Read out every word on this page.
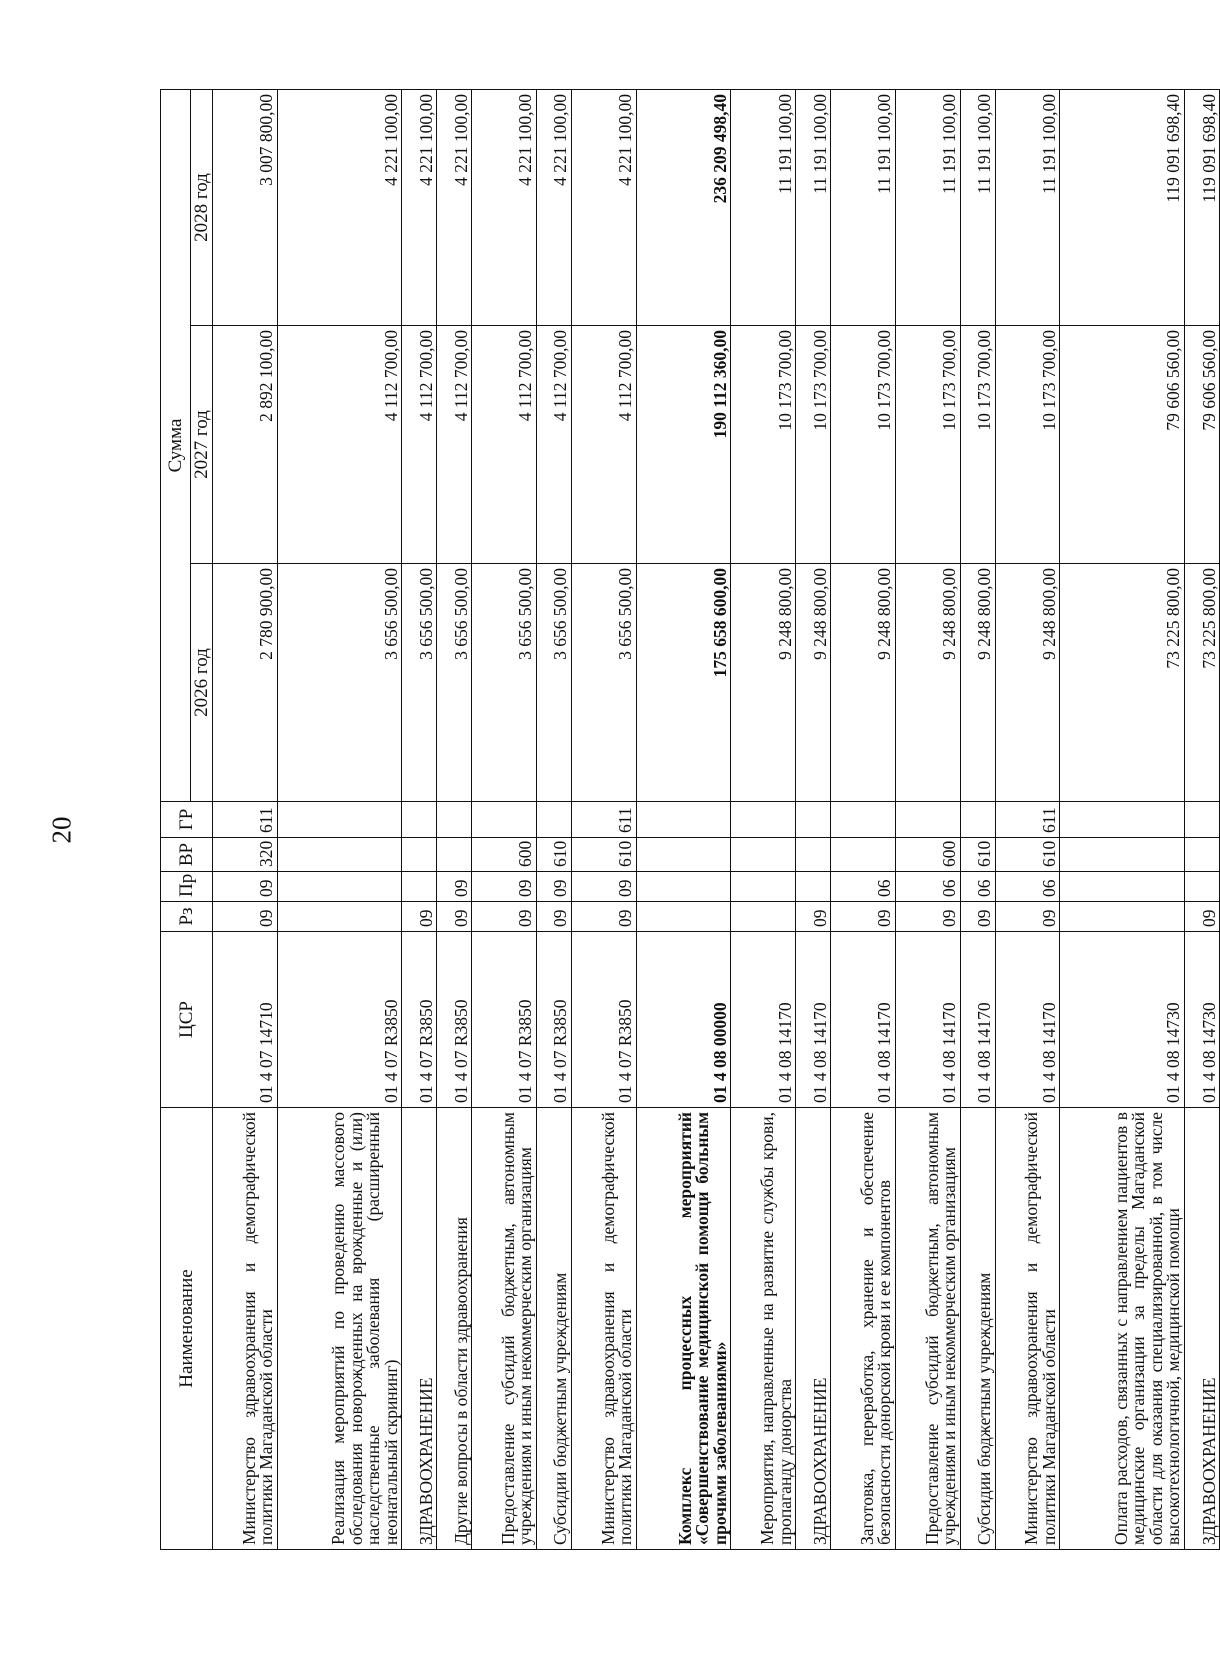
20
Наименование	ЦСР	Рз	Пр	ВР	ГР	Сумма		
						2026 год	2027 год	2028 год
Министерство здравоохранения и демографической политики Магаданской области	01 4 07 14710	09	09	320	611	2 780 900,00	2 892 100,00	3 007 800,00
Реализация мероприятий по проведению массового обследования новорожденных на врожденные и (или) наследственные заболевания (расширенный неонатальный скрининг)	01 4 07 R3850					3 656 500,00	4 112 700,00	4 221 100,00
ЗДРАВООХРАНЕНИЕ	01 4 07 R3850	09				3 656 500,00	4 112 700,00	4 221 100,00
Другие вопросы в области здравоохранения	01 4 07 R3850	09	09			3 656 500,00	4 112 700,00	4 221 100,00
Предоставление субсидий бюджетным, автономным учреждениям и иным некоммерческим организациям	01 4 07 R3850	09	09	600		3 656 500,00	4 112 700,00	4 221 100,00
Субсидии бюджетным учреждениям	01 4 07 R3850	09	09	610		3 656 500,00	4 112 700,00	4 221 100,00
Министерство здравоохранения и демографической политики Магаданской области	01 4 07 R3850	09	09	610	611	3 656 500,00	4 112 700,00	4 221 100,00
Комплекс процессных мероприятий «Совершенствование медицинской помощи больным прочими заболеваниями»	01 4 08 00000					175 658 600,00	190 112 360,00	236 209 498,40
Мероприятия, направленные на развитие службы крови, пропаганду донорства	01 4 08 14170					9 248 800,00	10 173 700,00	11 191 100,00
ЗДРАВООХРАНЕНИЕ	01 4 08 14170	09				9 248 800,00	10 173 700,00	11 191 100,00
Заготовка, переработка, хранение и обеспечение безопасности донорской крови и ее компонентов	01 4 08 14170	09	06			9 248 800,00	10 173 700,00	11 191 100,00
Предоставление субсидий бюджетным, автономным учреждениям и иным некоммерческим организациям	01 4 08 14170	09	06	600		9 248 800,00	10 173 700,00	11 191 100,00
Субсидии бюджетным учреждениям	01 4 08 14170	09	06	610		9 248 800,00	10 173 700,00	11 191 100,00
Министерство здравоохранения и демографической политики Магаданской области	01 4 08 14170	09	06	610	611	9 248 800,00	10 173 700,00	11 191 100,00
Оплата расходов, связанных с направлением пациентов в медицинские организации за пределы Магаданской области для оказания специализированной, в том числе высокотехнологичной, медицинской помощи	01 4 08 14730					73 225 800,00	79 606 560,00	119 091 698,40
ЗДРАВООХРАНЕНИЕ	01 4 08 14730	09				73 225 800,00	79 606 560,00	119 091 698,40
